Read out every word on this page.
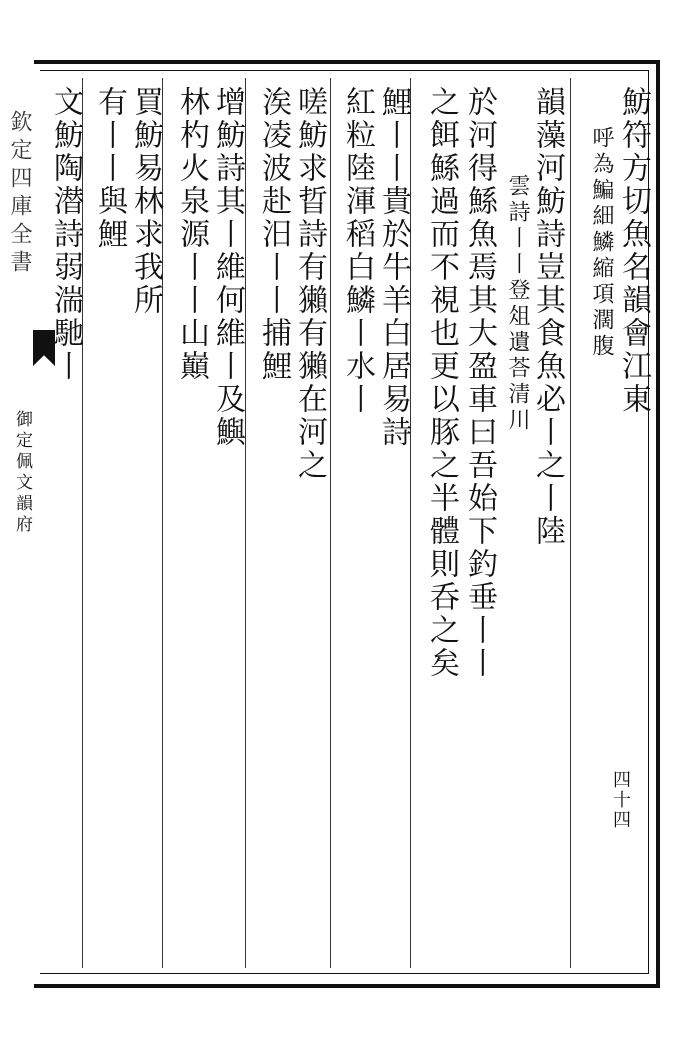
欽定四庫全書
御定佩文韻府
魴符方切魚名韻會江東
呼為鯿細鱗縮項濶腹
韻藻河魴詩豈其食魚必丨之丨陸
雲詩丨丨登俎遺荅清川
於河得鯀魚焉其大盈車曰吾始下釣垂丨丨
之餌鯀過而不視也更以豚之半體則呑之矣
鯉丨丨貴於牛羊白居易詩
紅粒陸渾稻白鱗丨水丨
嗟魴求晢詩有獺有獺在河之
涘凌波赴汨丨丨捕鯉
增魴詩其丨維何維丨及鱮
林杓火泉源丨丨山巔
買魴易林求我所
有丨丨與鯉
文魴陶潜詩弱湍馳丨
四十四
